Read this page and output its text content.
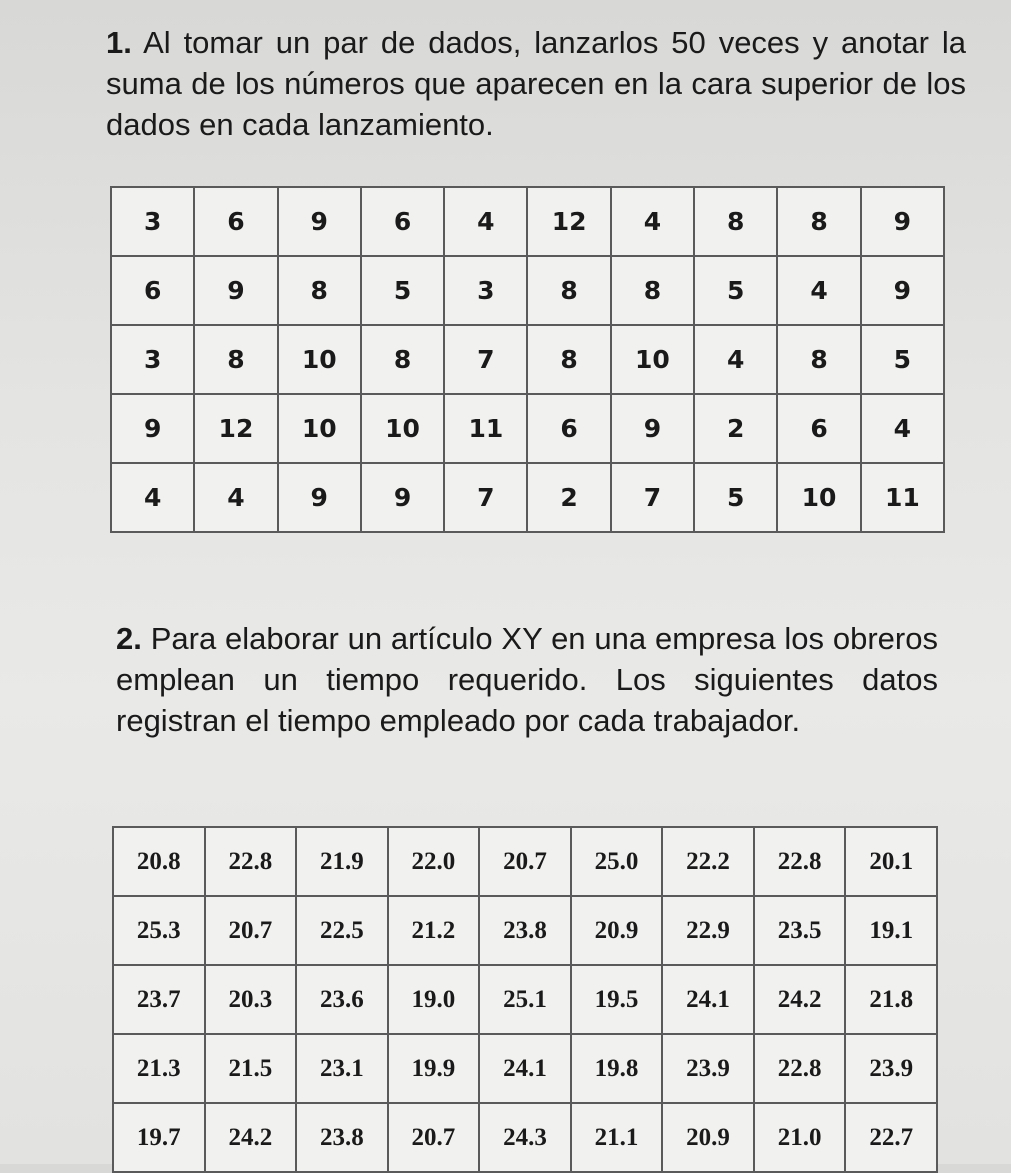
1. Al tomar un par de dados, lanzarlos 50 veces y anotar la suma de los números que aparecen en la cara superior de los dados en cada lanzamiento.

3	6	9	6	4	12	4	8	8	9
6	9	8	5	3	8	8	5	4	9
3	8	10	8	7	8	10	4	8	5
9	12	10	10	11	6	9	2	6	4
4	4	9	9	7	2	7	5	10	11

2. Para elaborar un artículo XY en una empresa los obreros emplean un tiempo requerido. Los siguientes datos registran el tiempo empleado por cada trabajador.

20.8	22.8	21.9	22.0	20.7	25.0	22.2	22.8	20.1
25.3	20.7	22.5	21.2	23.8	20.9	22.9	23.5	19.1
23.7	20.3	23.6	19.0	25.1	19.5	24.1	24.2	21.8
21.3	21.5	23.1	19.9	24.1	19.8	23.9	22.8	23.9
19.7	24.2	23.8	20.7	24.3	21.1	20.9	21.0	22.7
